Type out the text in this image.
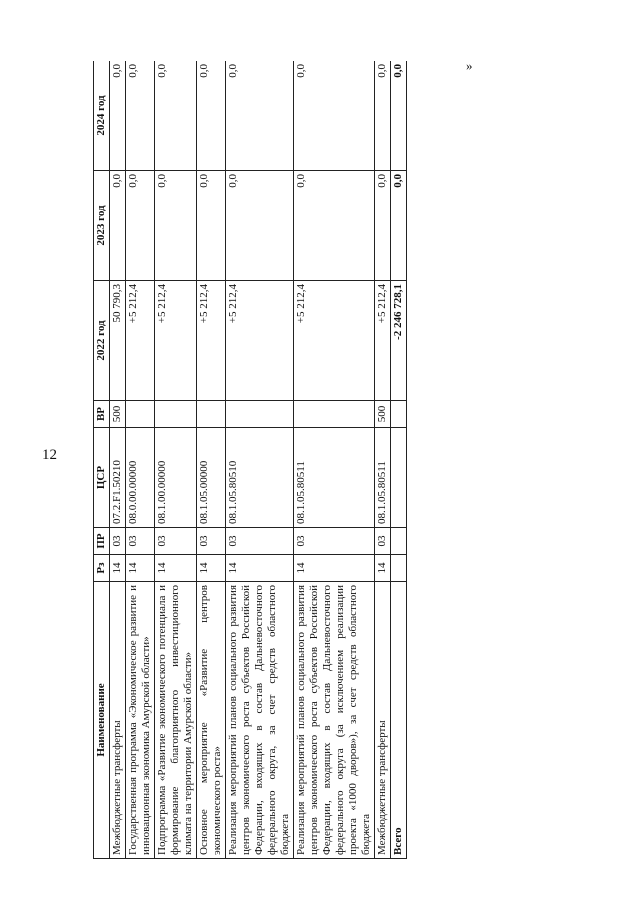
12
Наименование	Рз	ПР	ЦСР	ВР	2022 год	2023 год	2024 год
Межбюджетные трансферты	14	03	07.2.F1.50210	500	50 790,3	0,0	0,0
Государственная программа «Экономическое развитие и инновационная экономика Амурской области»	14	03	08.0.00.00000		+5 212,4	0,0	0,0
Подпрограмма «Развитие экономического потенциала и формирование благоприятного инвестиционного климата на территории Амурской области»	14	03	08.1.00.00000		+5 212,4	0,0	0,0
Основное мероприятие «Развитие центров экономического роста»	14	03	08.1.05.00000		+5 212,4	0,0	0,0
Реализация мероприятий планов социального развития центров экономического роста субъектов Российской Федерации, входящих в состав Дальневосточного федерального округа, за счет средств областного бюджета	14	03	08.1.05.80510		+5 212,4	0,0	0,0
Реализация мероприятий планов социального развития центров экономического роста субъектов Российской Федерации, входящих в состав Дальневосточного федерального округа (за исключением реализации проекта «1000 дворов»), за счет средств областного бюджета	14	03	08.1.05.80511		+5 212,4	0,0	0,0
Межбюджетные трансферты	14	03	08.1.05.80511	500	+5 212,4	0,0	0,0
Всего					-2 246 728,1	0,0	0,0	»
